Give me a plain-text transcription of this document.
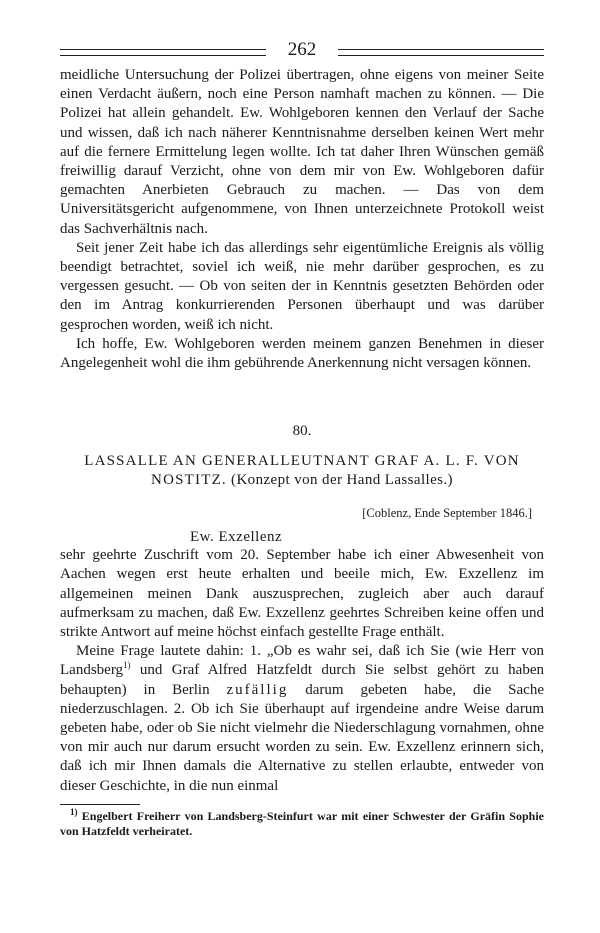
262

meidliche Untersuchung der Polizei übertragen, ohne eigens von meiner Seite einen Verdacht äußern, noch eine Person namhaft machen zu können. — Die Polizei hat allein gehandelt. Ew. Wohlgeboren kennen den Verlauf der Sache und wissen, daß ich nach näherer Kenntnisnahme derselben keinen Wert mehr auf die fernere Ermittelung legen wollte. Ich tat daher Ihren Wünschen gemäß freiwillig darauf Verzicht, ohne von dem mir von Ew. Wohlgeboren dafür gemachten Anerbieten Gebrauch zu machen. — Das von dem Universitätsgericht aufgenommene, von Ihnen unterzeichnete Protokoll weist das Sachverhältnis nach.

Seit jener Zeit habe ich das allerdings sehr eigentümliche Ereignis als völlig beendigt betrachtet, soviel ich weiß, nie mehr darüber gesprochen, es zu vergessen gesucht. — Ob von seiten der in Kenntnis gesetzten Behörden oder den im Antrag konkurrierenden Personen überhaupt und was darüber gesprochen worden, weiß ich nicht.

Ich hoffe, Ew. Wohlgeboren werden meinem ganzen Benehmen in dieser Angelegenheit wohl die ihm gebührende Anerkennung nicht versagen können.

80.
LASSALLE AN GENERALLEUTNANT GRAF A. L. F. VON NOSTITZ. (Konzept von der Hand Lassalles.)
[Coblenz, Ende September 1846.]
Ew. Exzellenz

sehr geehrte Zuschrift vom 20. September habe ich einer Abwesenheit von Aachen wegen erst heute erhalten und beeile mich, Ew. Exzellenz im allgemeinen meinen Dank auszusprechen, zugleich aber auch darauf aufmerksam zu machen, daß Ew. Exzellenz geehrtes Schreiben keine offen und strikte Antwort auf meine höchst einfach gestellte Frage enthält.

Meine Frage lautete dahin: 1. „Ob es wahr sei, daß ich Sie (wie Herr von Landsberg$^{1)}$ und Graf Alfred Hatzfeldt durch Sie selbst gehört zu haben behaupten) in Berlin zufällig darum gebeten habe, die Sache niederzuschlagen. 2. Ob ich Sie überhaupt auf irgendeine andre Weise darum gebeten habe, oder ob Sie nicht vielmehr die Niederschlagung vornahmen, ohne von mir auch nur darum ersucht worden zu sein. Ew. Exzellenz erinnern sich, daß ich mir Ihnen damals die Alternative zu stellen erlaubte, entweder von dieser Geschichte, in die nun einmal

$^{1)}$ Engelbert Freiherr von Landsberg-Steinfurt war mit einer Schwester der Gräfin Sophie von Hatzfeldt verheiratet.
